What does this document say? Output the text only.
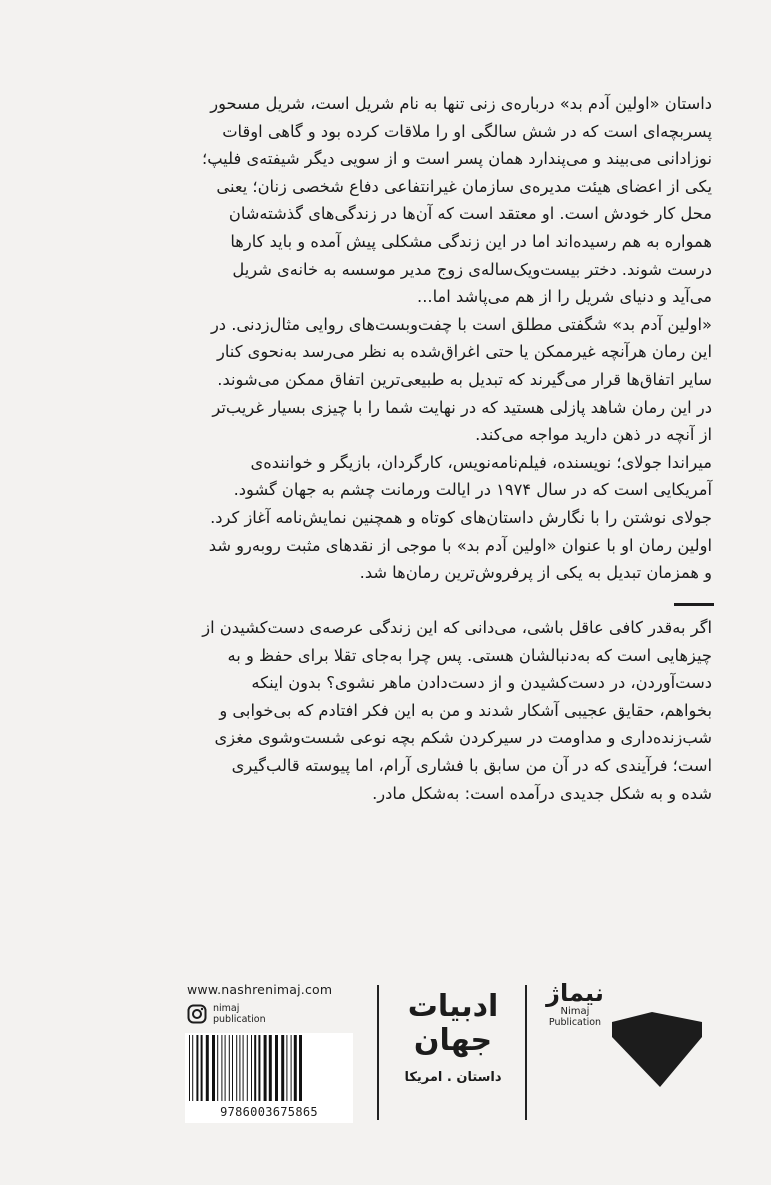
داستان «اولین آدم بد» درباره‌ی زنی تنها به نام شریل است، شریل مسحور

پسربچه‌ای است که در شش سالگی او را ملاقات کرده بود و گاهی اوقات

نوزادانی می‌بیند و می‌پندارد همان پسر است و از سویی دیگر شیفته‌ی فلیپ؛

یکی از اعضای هیئت مدیره‌ی سازمان غیرانتفاعی دفاع شخصی زنان؛ یعنی

محل کار خودش است. او معتقد است که آن‌ها در زندگی‌های گذشته‌شان

همواره به هم رسیده‌اند اما در این زندگی مشکلی پیش آمده و باید کارها

درست شوند. دختر بیست‌ویک‌ساله‌ی زوج مدیر موسسه به خانه‌ی شریل

می‌آید و دنیای شریل را از هم می‌پاشد اما...

«اولین آدم بد» شگفتی مطلق است با چفت‌وبست‌های روایی مثال‌زدنی. در

این رمان هرآنچه غیرممکن یا حتی اغراق‌شده به نظر می‌رسد به‌نحوی کنار

سایر اتفاق‌ها قرار می‌گیرند که تبدیل به طبیعی‌ترین اتفاق ممکن می‌شوند.

در این رمان شاهد پازلی هستید که در نهایت شما را با چیزی بسیار غریب‌تر

از آنچه در ذهن دارید مواجه می‌کند.

میراندا جولای؛ نویسنده، فیلم‌نامه‌نویس، کارگردان، بازیگر و خواننده‌ی

آمریکایی است که در سال ۱۹۷۴ در ایالت ورمانت چشم به جهان گشود.

جولای نوشتن را با نگارش داستان‌های کوتاه و همچنین نمایش‌نامه آغاز کرد.

اولین رمان او با عنوان «اولین آدم بد» با موجی از نقدهای مثبت روبه‌رو شد

و همزمان تبدیل به یکی از پرفروش‌ترین رمان‌ها شد.

اگر به‌قدر کافی عاقل باشی، می‌دانی که این زندگی عرصه‌ی دست‌کشیدن از

چیزهایی است که به‌دنبالشان هستی. پس چرا به‌جای تقلا برای حفظ و به

دست‌آوردن، در دست‌کشیدن و از دست‌دادن ماهر نشوی؟ بدون اینکه

بخواهم، حقایق عجیبی آشکار شدند و من به این فکر افتادم که بی‌خوابی و

شب‌زنده‌داری و مداومت در سیرکردن شکم بچه نوعی شست‌وشوی مغزی

است؛ فرآیندی که در آن من سابق با فشاری آرام، اما پیوسته قالب‌گیری

شده و به شکل جدیدی درآمده است: به‌شکل مادر.

www.nashrenimaj.com
nimaj
publication
9786003675865
ادبیات
جهان
داستان . امریکا
نیماژ
Nimaj
Publication
